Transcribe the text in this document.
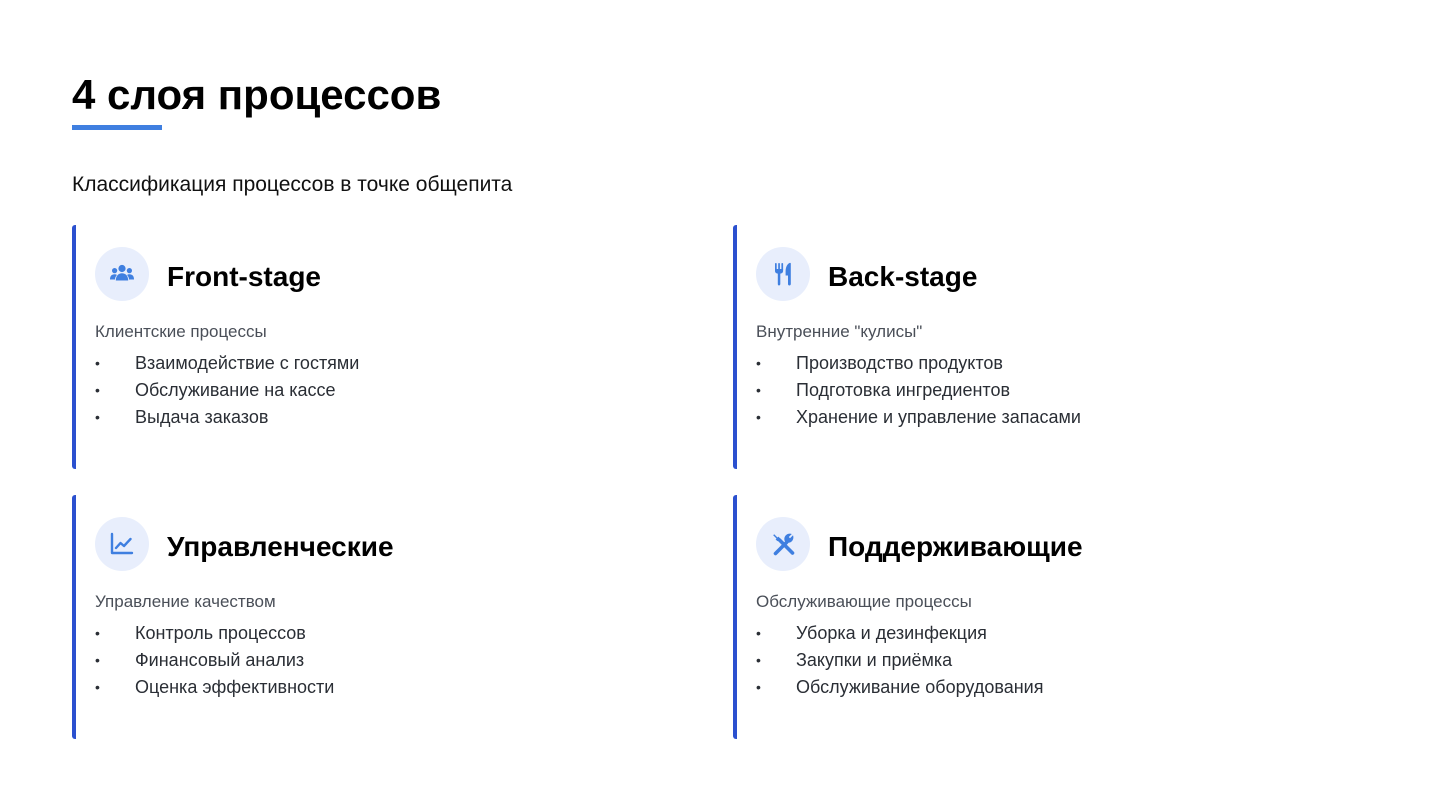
4 слоя процессов

Классификация процессов в точке общепита

Front-stage

Клиентские процессы

• Взаимодействие с гостями
• Обслуживание на кассе
• Выдача заказов
Back-stage

Внутренние "кулисы"

• Производство продуктов
• Подготовка ингредиентов
• Хранение и управление запасами
Управленческие

Управление качеством

• Контроль процессов
• Финансовый анализ
• Оценка эффективности
Поддерживающие

Обслуживающие процессы

• Уборка и дезинфекция
• Закупки и приёмка
• Обслуживание оборудования
